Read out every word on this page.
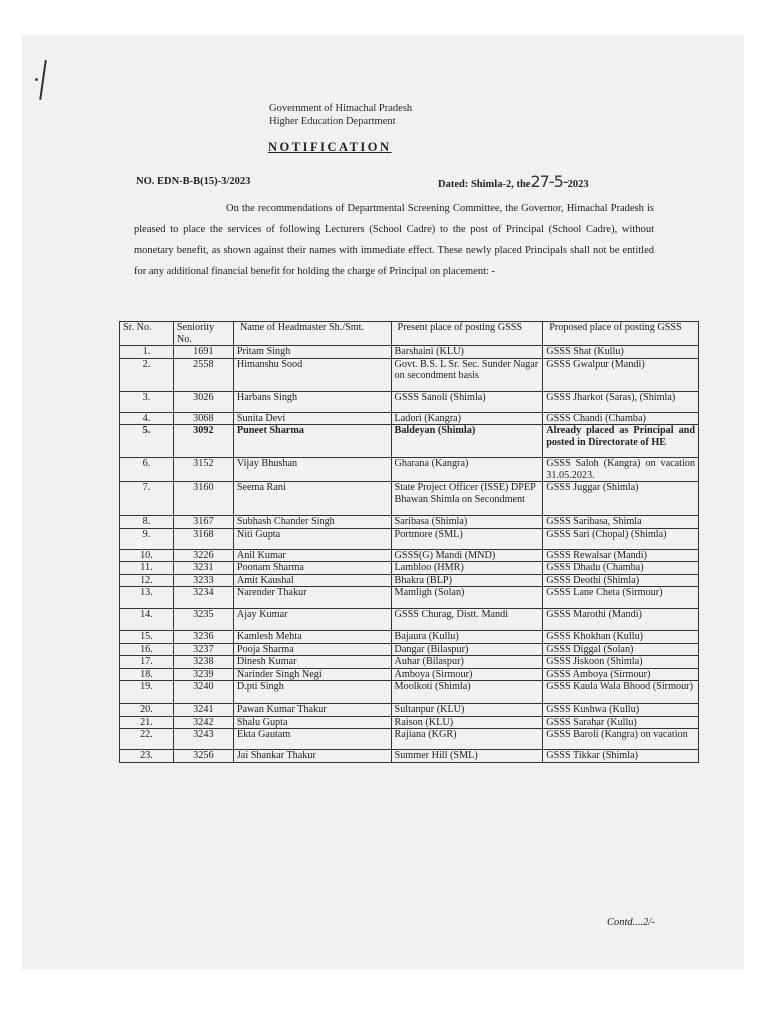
Government of Himachal Pradesh
Higher Education Department
NOTIFICATION
NO. EDN-B-B(15)-3/2023	Dated: Shimla-2, the27-5-2023
On the recommendations of Departmental Screening Committee, the Governor, Himachal Pradesh is pleased to place the services of following Lecturers (School Cadre) to the post of Principal (School Cadre), without monetary benefit, as shown against their names with immediate effect. These newly placed Principals shall not be entitled for any additional financial benefit for holding the charge of Principal on placement: -
Sr. No.	Seniority No.	Name of Headmaster Sh./Smt.	Present place of posting GSSS	Proposed place of posting GSSS
1.	1691	Pritam Singh	Barshaini (KLU)	GSSS Shat (Kullu)
2.	2558	Himanshu Sood	Govt. B.S. L Sr. Sec. Sunder Nagar on secondment basis	GSSS Gwalpur (Mandi)
3.	3026	Harbans Singh	GSSS Sanoli (Shimla)	GSSS Jharkot (Saras), (Shimla)
4.	3068	Sunita Devi	Ladori (Kangra)	GSSS Chandi (Chamba)
5.	3092	Puneet Sharma	Baldeyan (Shimla)	Already placed as Principal and posted in Directorate of HE
6.	3152	Vijay Bhushan	Gharana (Kangra)	GSSS Saloh (Kangra) on vacation 31.05.2023.
7.	3160	Seema Rani	State Project Officer (ISSE) DPEP Bhawan Shimla on Secondment	GSSS Juggar (Shimla)
8.	3167	Subhash Chander Singh	Saribasa (Shimla)	GSSS Saribasa, Shimla
9.	3168	Niti Gupta	Portmore (SML)	GSSS Sari (Chopal) (Shimla)
10.	3226	Anil Kumar	GSSS(G) Mandi (MND)	GSSS Rewalsar (Mandi)
11.	3231	Poonam Sharma	Lambloo (HMR)	GSSS Dhadu (Chamba)
12.	3233	Amit Kaushal	Bhakra (BLP)	GSSS Deothi (Shimla)
13.	3234	Narender Thakur	Mamligh (Solan)	GSSS Lane Cheta (Sirmour)
14.	3235	Ajay Kumar	GSSS Churag, Distt. Mandi	GSSS Marothi (Mandi)
15.	3236	Kamlesh Mehta	Bajaura (Kullu)	GSSS Khokhan (Kullu)
16.	3237	Pooja Sharma	Dangar (Bilaspur)	GSSS Diggal (Solan)
17.	3238	Dinesh Kumar	Auhar (Bilaspur)	GSSS Jiskoon (Shimla)
18.	3239	Narinder Singh Negi	Amboya (Sirmour)	GSSS Amboya (Sirmour)
19.	3240	D.pti Singh	Moolkoti (Shimla)	GSSS Kaula Wala Bhood (Sirmour)
20.	3241	Pawan Kumar Thakur	Sultanpur (KLU)	GSSS Kushwa (Kullu)
21.	3242	Shalu Gupta	Raison (KLU)	GSSS Sarahar (Kullu)
22.	3243	Ekta Gautam	Rajiana (KGR)	GSSS Baroli (Kangra) on vacation
23.	3256	Jai Shankar Thakur	Summer Hill (SML)	GSSS Tikkar (Shimla)
Contd....2/-
